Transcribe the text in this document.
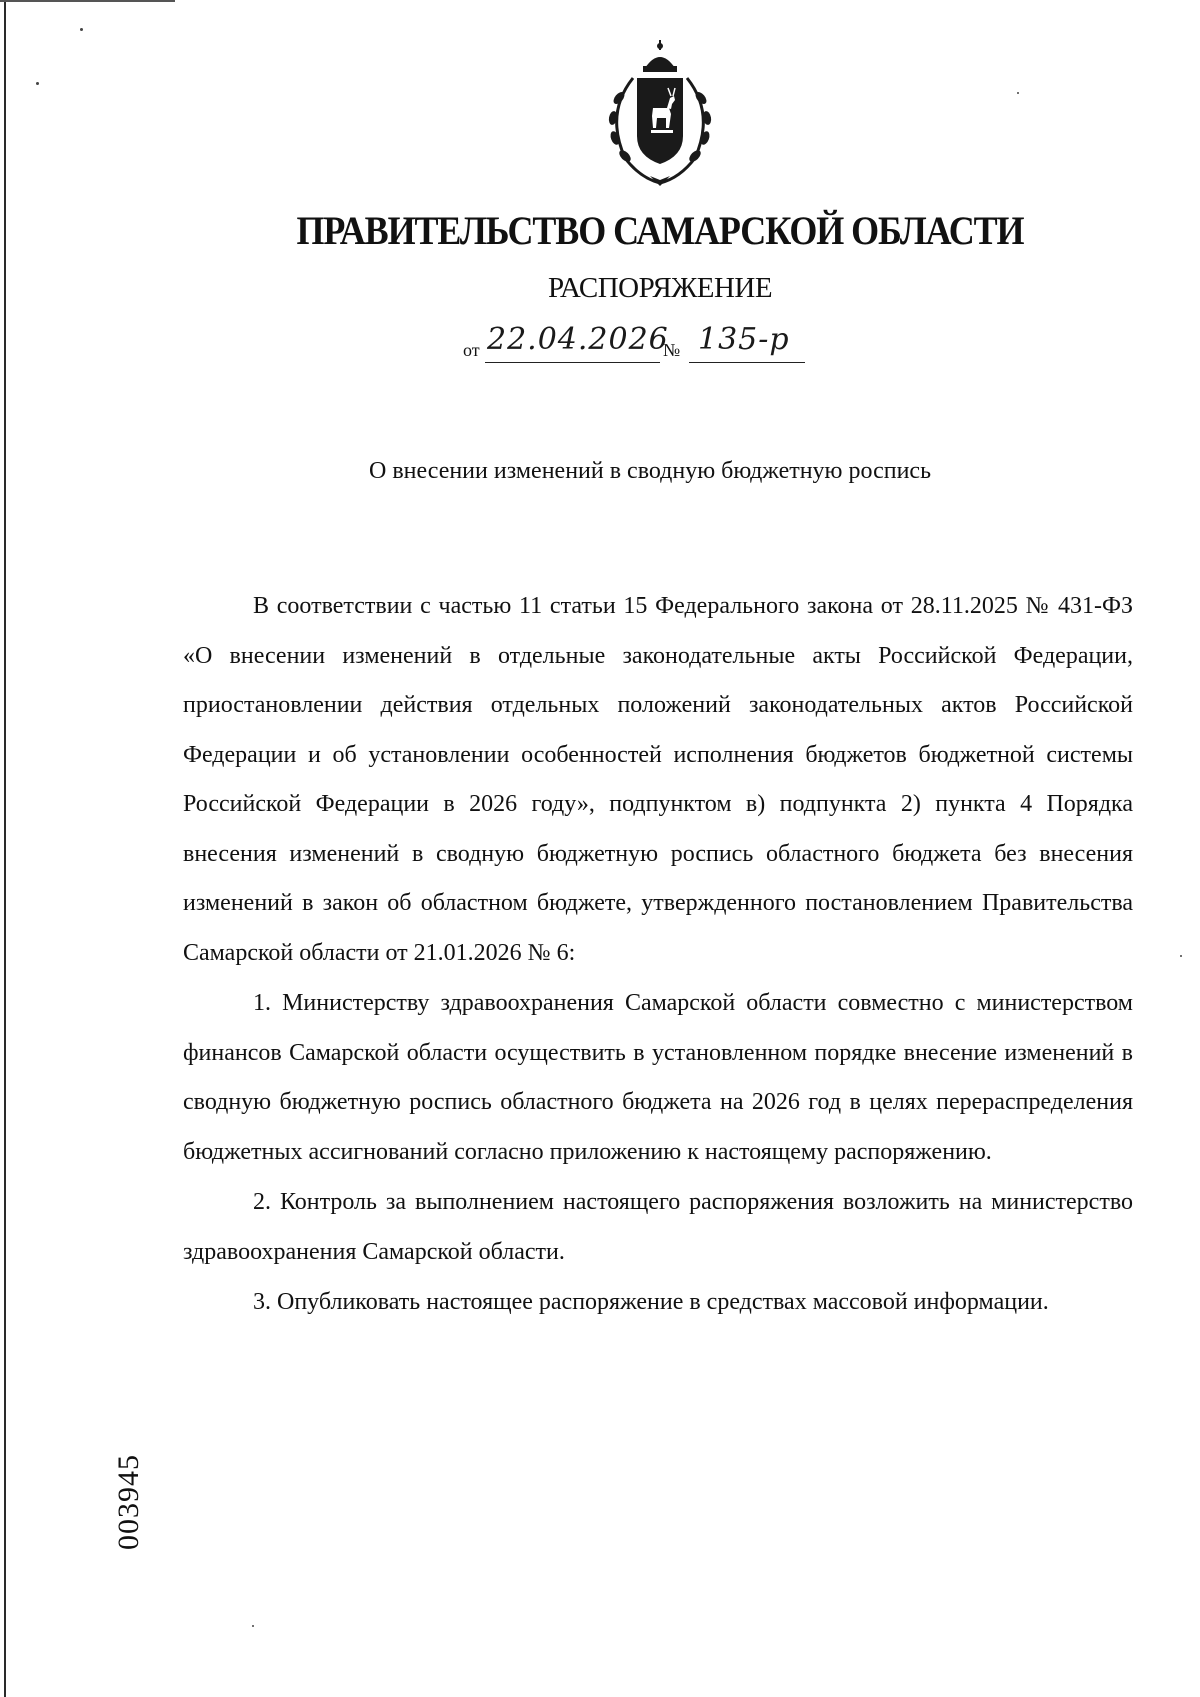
ПРАВИТЕЛЬСТВО САМАРСКОЙ ОБЛАСТИ
РАСПОРЯЖЕНИЕ
от 22.04.2026
№ 135-р
О внесении изменений в сводную бюджетную роспись

В соответствии с частью 11 статьи 15 Федерального закона от 28.11.2025 № 431-ФЗ «О внесении изменений в отдельные законодательные акты Российской Федерации, приостановлении действия отдельных положений законодательных актов Российской Федерации и об установлении особенностей исполнения бюджетов бюджетной системы Российской Федерации в 2026 году», подпунктом в) подпункта 2) пункта 4 Порядка внесения изменений в сводную бюджетную роспись областного бюджета без внесения изменений в закон об областном бюджете, утвержденного постановлением Правительства Самарской области от 21.01.2026 № 6:

1. Министерству здравоохранения Самарской области совместно с министерством финансов Самарской области осуществить в установленном порядке внесение изменений в сводную бюджетную роспись областного бюджета на 2026 год в целях перераспределения бюджетных ассигнований согласно приложению к настоящему распоряжению.

2. Контроль за выполнением настоящего распоряжения возложить на министерство здравоохранения Самарской области.

3. Опубликовать настоящее распоряжение в средствах массовой информации.

003945
